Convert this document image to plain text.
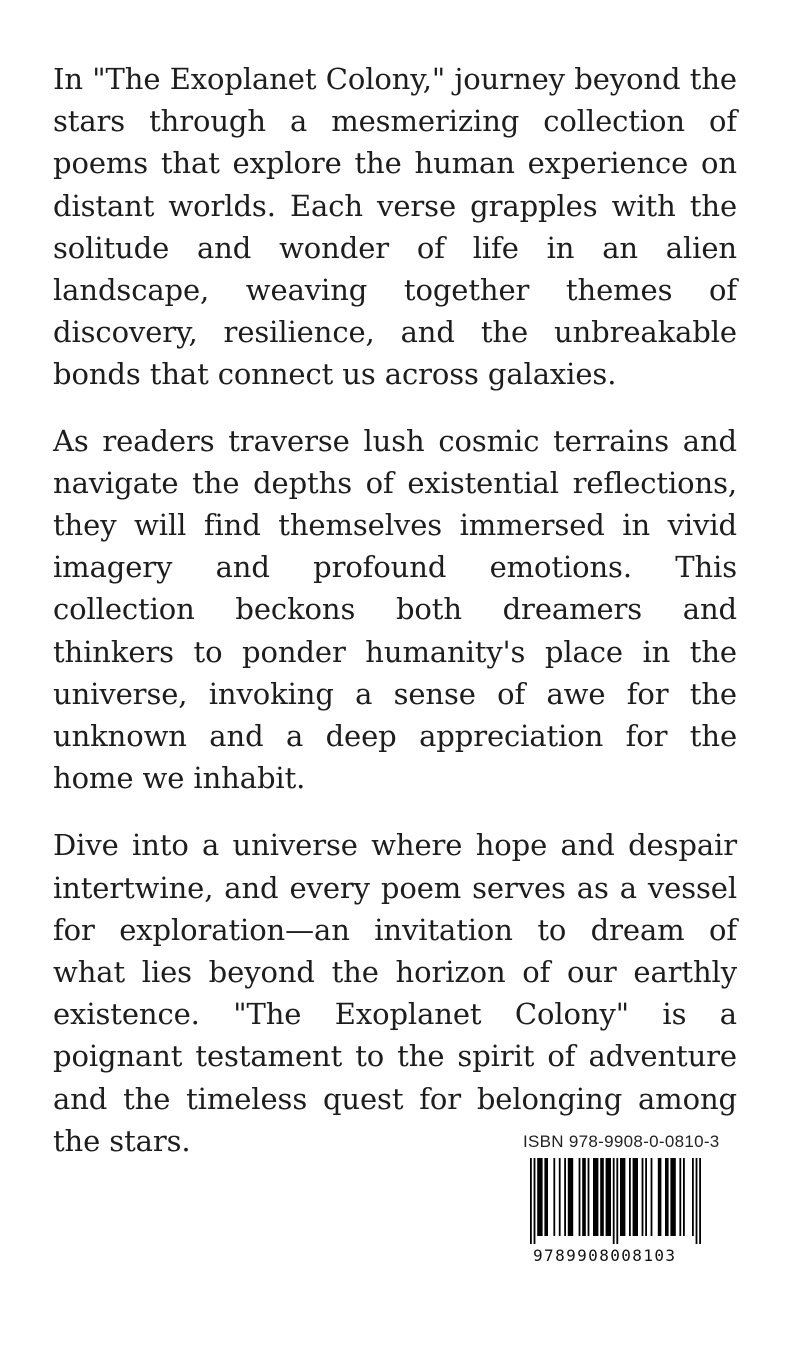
In "The Exoplanet Colony," journey beyond the stars through a mesmerizing collection of poems that explore the human experience on distant worlds. Each verse grapples with the solitude and wonder of life in an alien landscape, weaving together themes of discovery, resilience, and the unbreakable bonds that connect us across galaxies.

As readers traverse lush cosmic terrains and navigate the depths of existential reflections, they will find themselves immersed in vivid imagery and profound emotions. This collection beckons both dreamers and thinkers to ponder humanity's place in the universe, invoking a sense of awe for the unknown and a deep appreciation for the home we inhabit.

Dive into a universe where hope and despair intertwine, and every poem serves as a vessel for exploration—an invitation to dream of what lies beyond the horizon of our earthly existence. "The Exoplanet Colony" is a poignant testament to the spirit of adventure and the timeless quest for belonging among the stars.	ISBN 978-9908-0-0810-3
9789908008103
